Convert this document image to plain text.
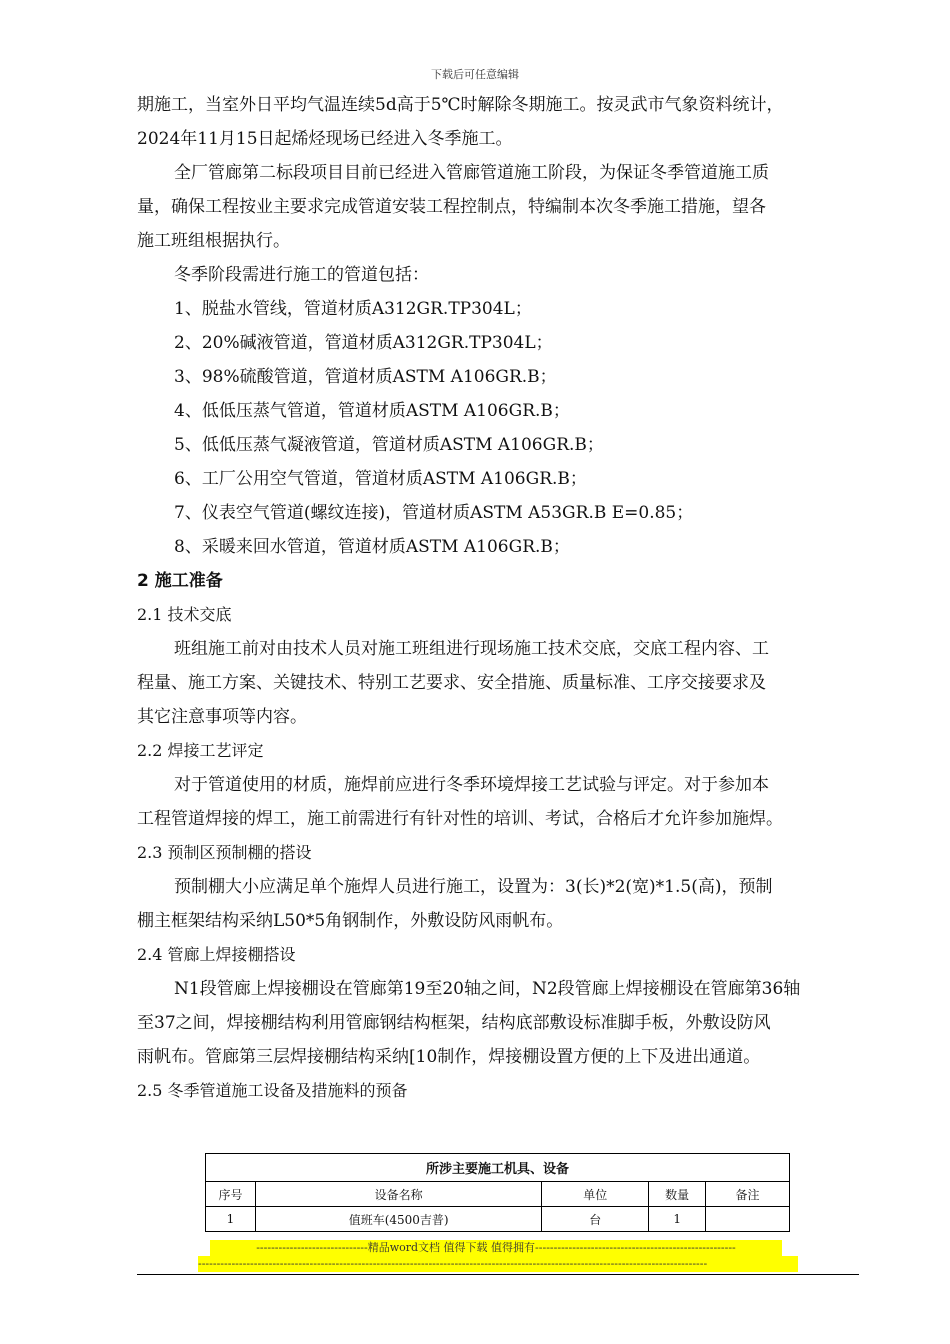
下载后可任意编辑
期施工，当室外日平均气温连续5d高于5℃时解除冬期施工。按灵武市气象资料统计，
2024年11月15日起烯烃现场已经进入冬季施工。
全厂管廊第二标段项目目前已经进入管廊管道施工阶段，为保证冬季管道施工质
量，确保工程按业主要求完成管道安装工程控制点，特编制本次冬季施工措施，望各
施工班组根据执行。
冬季阶段需进行施工的管道包括：
1、脱盐水管线，管道材质A312GR.TP304L；
2、20%碱液管道，管道材质A312GR.TP304L；
3、98%硫酸管道，管道材质ASTM A106GR.B；
4、低低压蒸气管道，管道材质ASTM A106GR.B；
5、低低压蒸气凝液管道，管道材质ASTM A106GR.B；
6、工厂公用空气管道，管道材质ASTM A106GR.B；
7、仪表空气管道(螺纹连接)，管道材质ASTM A53GR.B E=0.85；
8、采暖来回水管道，管道材质ASTM A106GR.B；
2 施工准备
2.1 技术交底
班组施工前对由技术人员对施工班组进行现场施工技术交底，交底工程内容、工
程量、施工方案、关键技术、特别工艺要求、安全措施、质量标准、工序交接要求及
其它注意事项等内容。
2.2 焊接工艺评定
对于管道使用的材质，施焊前应进行冬季环境焊接工艺试验与评定。对于参加本
工程管道焊接的焊工，施工前需进行有针对性的培训、考试，合格后才允许参加施焊。
2.3 预制区预制棚的搭设
预制棚大小应满足单个施焊人员进行施工，设置为：3(长)*2(宽)*1.5(高)，预制
棚主框架结构采纳L50*5角钢制作，外敷设防风雨帆布。
2.4 管廊上焊接棚搭设
N1段管廊上焊接棚设在管廊第19至20轴之间，N2段管廊上焊接棚设在管廊第36轴
至37之间，焊接棚结构利用管廊钢结构框架，结构底部敷设标准脚手板，外敷设防风
雨帆布。管廊第三层焊接棚结构采纳[10制作，焊接棚设置方便的上下及进出通道。
2.5 冬季管道施工设备及措施料的预备
所涉主要施工机具、设备				
序号	设备名称	单位	数量	备注
1	值班车(4500吉普)	台	1	
------------------------------精品word文档 值得下载 值得拥有------------------------------------------------------
-----------------------------------------------------------------------------------------------------------------------------------------
